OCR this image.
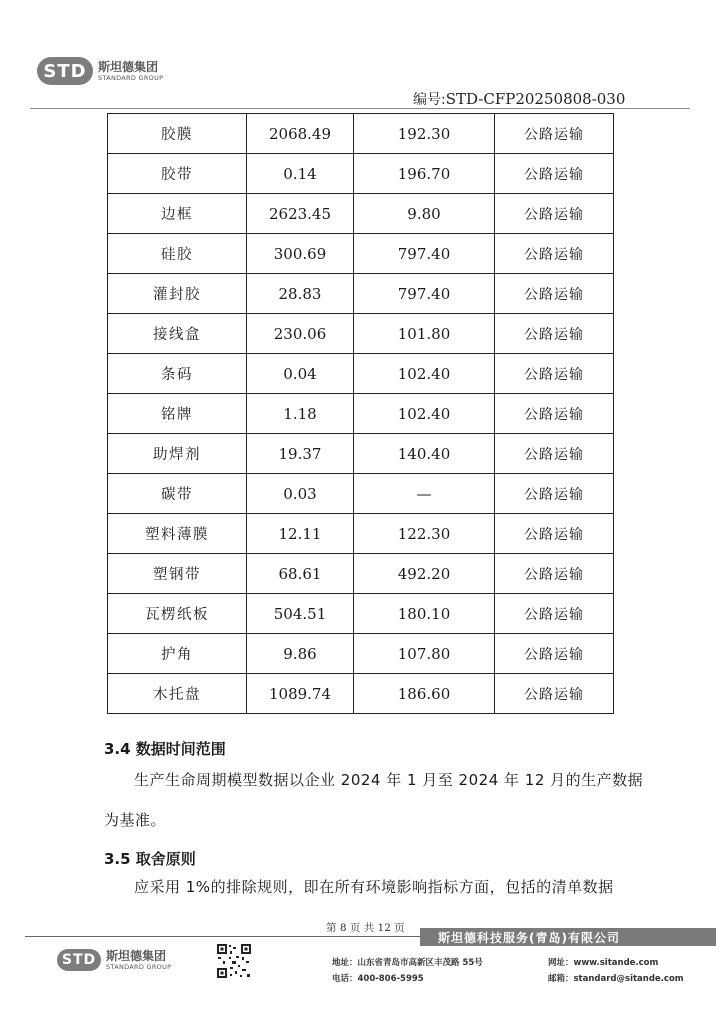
STD 斯坦德集团
STANDARD GROUP
编号:STD-CFP20250808-030
胶膜	2068.49	192.30	公路运输
胶带	0.14	196.70	公路运输
边框	2623.45	9.80	公路运输
硅胶	300.69	797.40	公路运输
灌封胶	28.83	797.40	公路运输
接线盒	230.06	101.80	公路运输
条码	0.04	102.40	公路运输
铭牌	1.18	102.40	公路运输
助焊剂	19.37	140.40	公路运输
碳带	0.03	—	公路运输
塑料薄膜	12.11	122.30	公路运输
塑钢带	68.61	492.20	公路运输
瓦楞纸板	504.51	180.10	公路运输
护角	9.86	107.80	公路运输
木托盘	1089.74	186.60	公路运输
3.4 数据时间范围
生产生命周期模型数据以企业 2024 年 1 月至 2024 年 12 月的生产数据
为基准。
3.5 取舍原则
应采用 1%的排除规则，即在所有环境影响指标方面，包括的清单数据
第 8 页 共 12 页
斯坦德科技服务(青岛)有限公司
STD 斯坦德集团
STANDARD GROUP	地址：山东省青岛市高新区丰茂路 55号
电话：400-806-5995
网址：www.sitande.com
邮箱：standard@sitande.com
